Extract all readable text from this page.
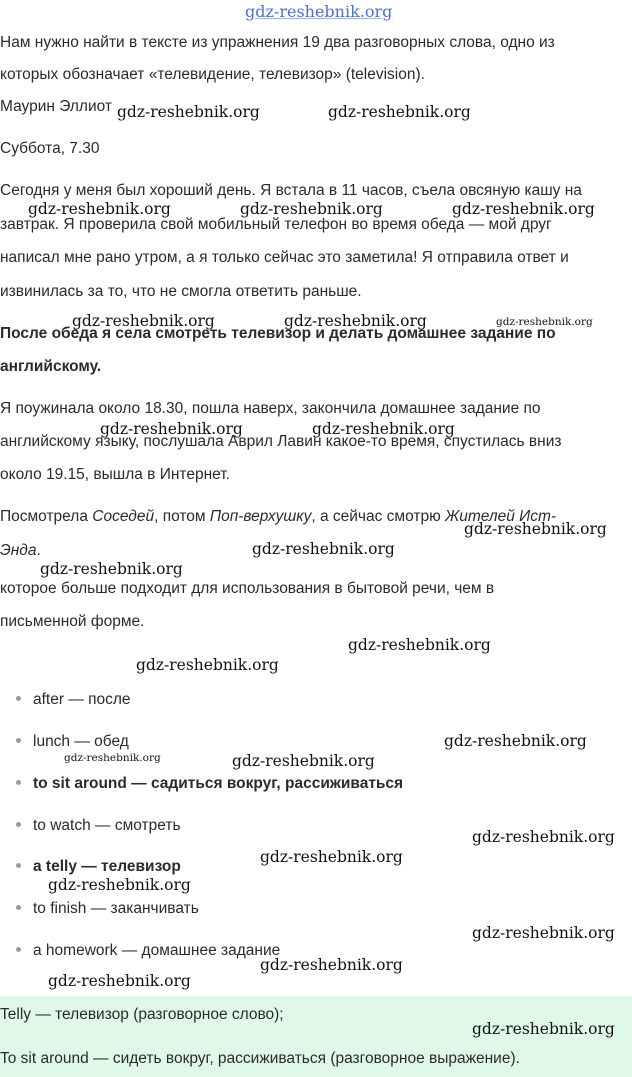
gdz-reshebnik.org
Нам нужно найти в тексте из упражнения 19 два разговорных слова, одно из
которых обозначает «телевидение, телевизор» (television).
Маурин Эллиот
Суббота, 7.30
Сегодня у меня был хороший день. Я встала в 11 часов, съела овсяную кашу на
завтрак. Я проверила свой мобильный телефон во время обеда — мой друг
написал мне рано утром, а я только сейчас это заметила! Я отправила ответ и
извинилась за то, что не смогла ответить раньше.
После обеда я села смотреть телевизор и делать домашнее задание по
английскому.
Я поужинала около 18.30, пошла наверх, закончила домашнее задание по
английскому языку, послушала Аврил Лавин какое-то время, спустилась вниз
около 19.15, вышла в Интернет.
Посмотрела Соседей, потом Поп-верхушку, а сейчас смотрю Жителей Ист-
Энда.
которое больше подходит для использования в бытовой речи, чем в
письменной форме.
after — после
lunch — обед
to sit around — садиться вокруг, рассиживаться
to watch — смотреть
a telly — телевизор
to finish — заканчивать
a homework — домашнее задание
Telly — телевизор (разговорное слово);
To sit around — сидеть вокруг, рассиживаться (разговорное выражение).
gdz-reshebnik.org	gdz-reshebnik.org
gdz-reshebnik.org	gdz-reshebnik.org	gdz-reshebnik.org
gdz-reshebnik.org	gdz-reshebnik.org	gdz-reshebnik.org
gdz-reshebnik.org	gdz-reshebnik.org
gdz-reshebnik.org
gdz-reshebnik.org
gdz-reshebnik.org
gdz-reshebnik.org
gdz-reshebnik.org
gdz-reshebnik.org
gdz-reshebnik.org	gdz-reshebnik.org
gdz-reshebnik.org
gdz-reshebnik.org
gdz-reshebnik.org
gdz-reshebnik.org
gdz-reshebnik.org
gdz-reshebnik.org
gdz-reshebnik.org
